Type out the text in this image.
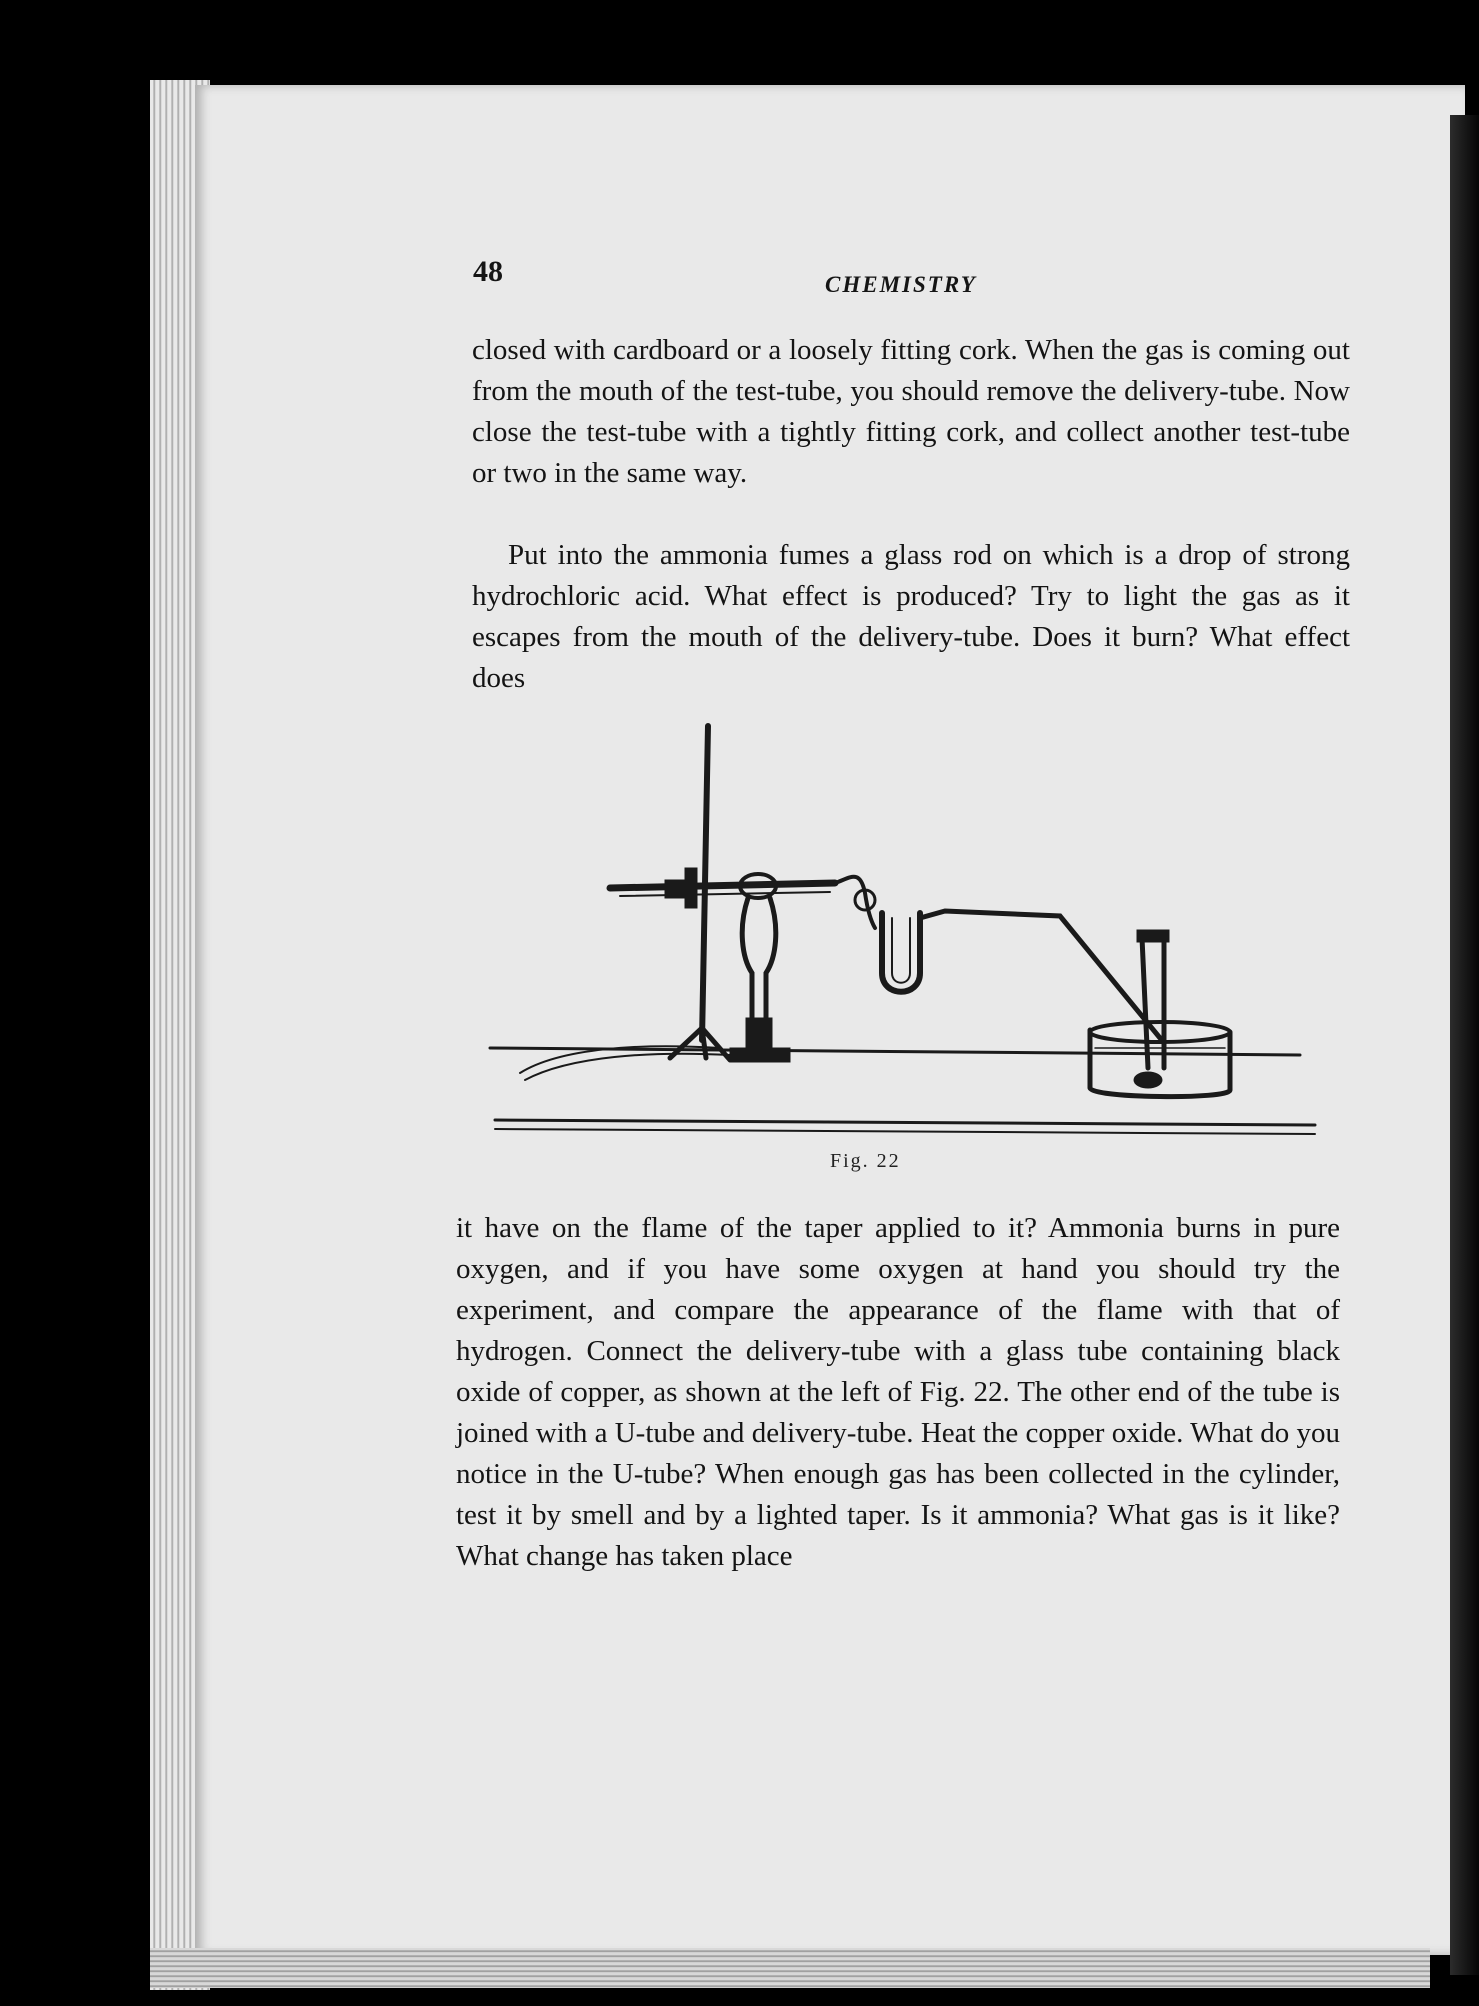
48	CHEMISTRY

closed with cardboard or a loosely fitting cork. When the gas is coming out from the mouth of the test-tube, you should remove the delivery-tube. Now close the test-tube with a tightly fitting cork, and collect another test-tube or two in the same way.

Put into the ammonia fumes a glass rod on which is a drop of strong hydrochloric acid. What effect is produced? Try to light the gas as it escapes from the mouth of the delivery-tube. Does it burn? What effect does

Fig. 22

it have on the flame of the taper applied to it? Ammonia burns in pure oxygen, and if you have some oxygen at hand you should try the experiment, and compare the appearance of the flame with that of hydrogen. Connect the delivery-tube with a glass tube containing black oxide of copper, as shown at the left of Fig. 22. The other end of the tube is joined with a U-tube and delivery-tube. Heat the copper oxide. What do you notice in the U-tube? When enough gas has been collected in the cylinder, test it by smell and by a lighted taper. Is it ammonia? What gas is it like? What change has taken place
